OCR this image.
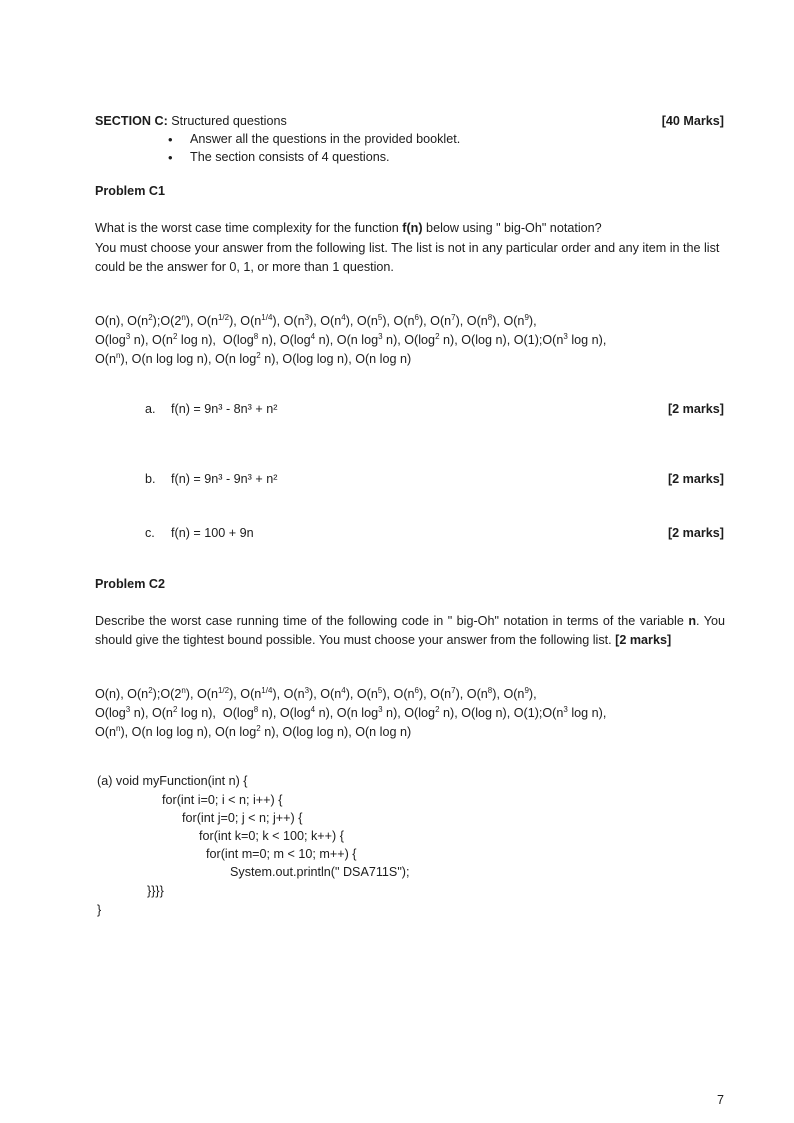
SECTION C: Structured questions	[40 Marks]
• Answer all the questions in the provided booklet.
• The section consists of 4 questions.
Problem C1
What is the worst case time complexity for the function f(n) below using " big-Oh" notation?
You must choose your answer from the following list. The list is not in any particular order and any item in the list could be the answer for 0, 1, or more than 1 question.
O(n), $O(n^2);O(2^n)$, $O(n^{1/2})$, $O(n^{1/4})$, $O(n^3)$, $O(n^4)$, $O(n^5)$, $O(n^6)$, $O(n^7)$, $O(n^8)$, $O(n^9)$,
$O(\log^3$ n), $O(n^2$ log n),  $O(\log^8$ n), $O(\log^4$ n), O(n $\log^3 n$), $O(\log^2$ n), O(log n), $O(1);O(n^3$ log n),
$O(n^n)$, O(n log log n), O(n $\log^2 n$), O(log log n), O(n log n)
a. f(n) = 9n³ - 8n³ + n²	[2 marks]
b. f(n) = 9n³ - 9n³ + n²	[2 marks]
c. f(n) = 100 + 9n	[2 marks]
Problem C2
Describe the worst case running time of the following code in " big-Oh" notation in terms of the variable n. You should give the tightest bound possible. You must choose your answer from the following list. [2 marks]
O(n), $O(n^2);O(2^n)$, $O(n^{1/2})$, $O(n^{1/4})$, $O(n^3)$, $O(n^4)$, $O(n^5)$, $O(n^6)$, $O(n^7)$, $O(n^8)$, $O(n^9)$,
$O(\log^3$ n), $O(n^2$ log n),  $O(\log^8$ n), $O(\log^4$ n), O(n $\log^3 n$), $O(\log^2$ n), O(log n), $O(1);O(n^3$ log n),
$O(n^n)$, O(n log log n), O(n $\log^2 n$), O(log log n), O(n log n)
(a) void myFunction(int n) {
for(int i=0; i < n; i++) {
for(int j=0; j < n; j++) {
for(int k=0; k < 100; k++) {
for(int m=0; m < 10; m++) {
System.out.println(" DSA711S");
}}}}
}
7
